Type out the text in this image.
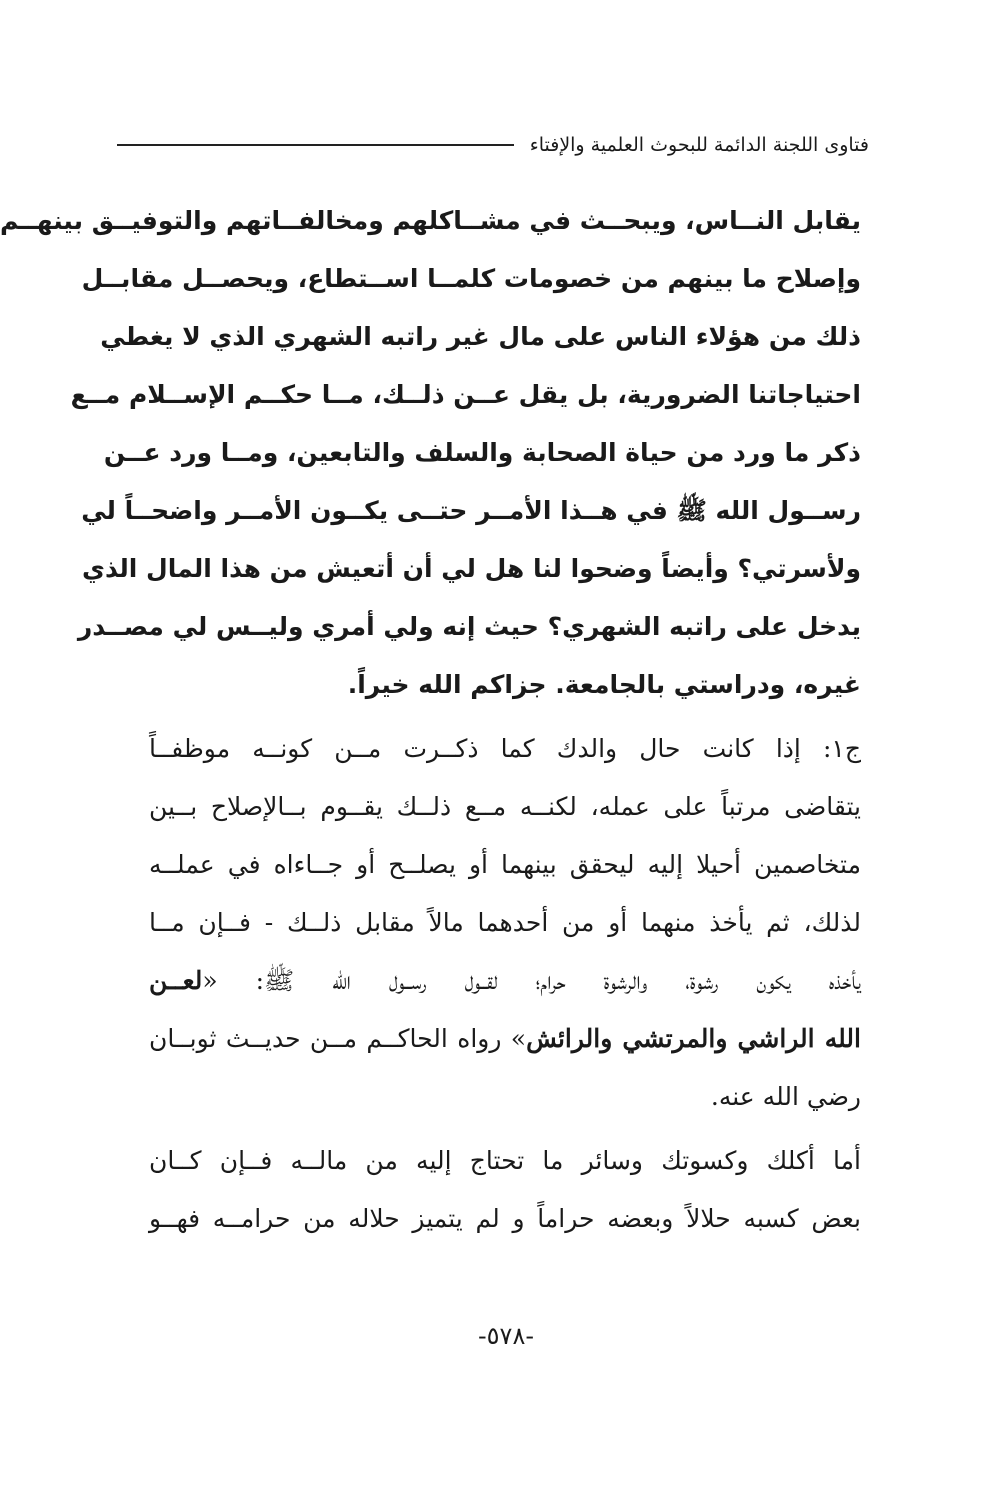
فتاوى اللجنة الدائمة للبحوث العلمية والإفتاء
يقابل النــاس، ويبحــث في مشــاكلهم ومخالفــاتهم والتوفيــق بينهــم
وإصلاح ما بينهم من خصومات كلمــا اســتطاع، ويحصــل مقابــل
ذلك من هؤلاء الناس على مال غير راتبه الشهري الذي لا يغطي
احتياجاتنا الضرورية، بل يقل عــن ذلــك، مــا حكــم الإســلام مــع
ذكر ما ورد من حياة الصحابة والسلف والتابعين، ومــا ورد عــن
رســول الله ﷺ في هــذا الأمــر حتــى يكــون الأمــر واضحــاً لي
ولأسرتي؟ وأيضاً وضحوا لنا هل لي أن أتعيش من هذا المال الذي
يدخل على راتبه الشهري؟ حيث إنه ولي أمري وليــس لي مصــدر
غيره، ودراستي بالجامعة. جزاكم الله خيراً.
ج١: إذا كانت حال والدك كما ذكــرت مــن كونــه موظفــاً
يتقاضى مرتباً على عمله، لكنــه مــع ذلــك يقــوم بــالإصلاح بــين
متخاصمين أحيلا إليه ليحقق بينهما أو يصلــح أو جــاءاه في عملــه
لذلك، ثم يأخذ منهما أو من أحدهما مالاً مقابل ذلــك - فــإن مــا
يأخذه يكون رشوة، والرشوة حرام؛ لقــول رســول الله ﷺ: «لعــن
الله الراشي والمرتشي والرائش» رواه الحاكــم مــن حديــث ثوبــان
رضي الله عنه.
أما أكلك وكسوتك وسائر ما تحتاج إليه من مالــه فــإن كــان
بعض كسبه حلالاً وبعضه حراماً و لم يتميز حلاله من حرامــه فهــو
-٥٧٨-
